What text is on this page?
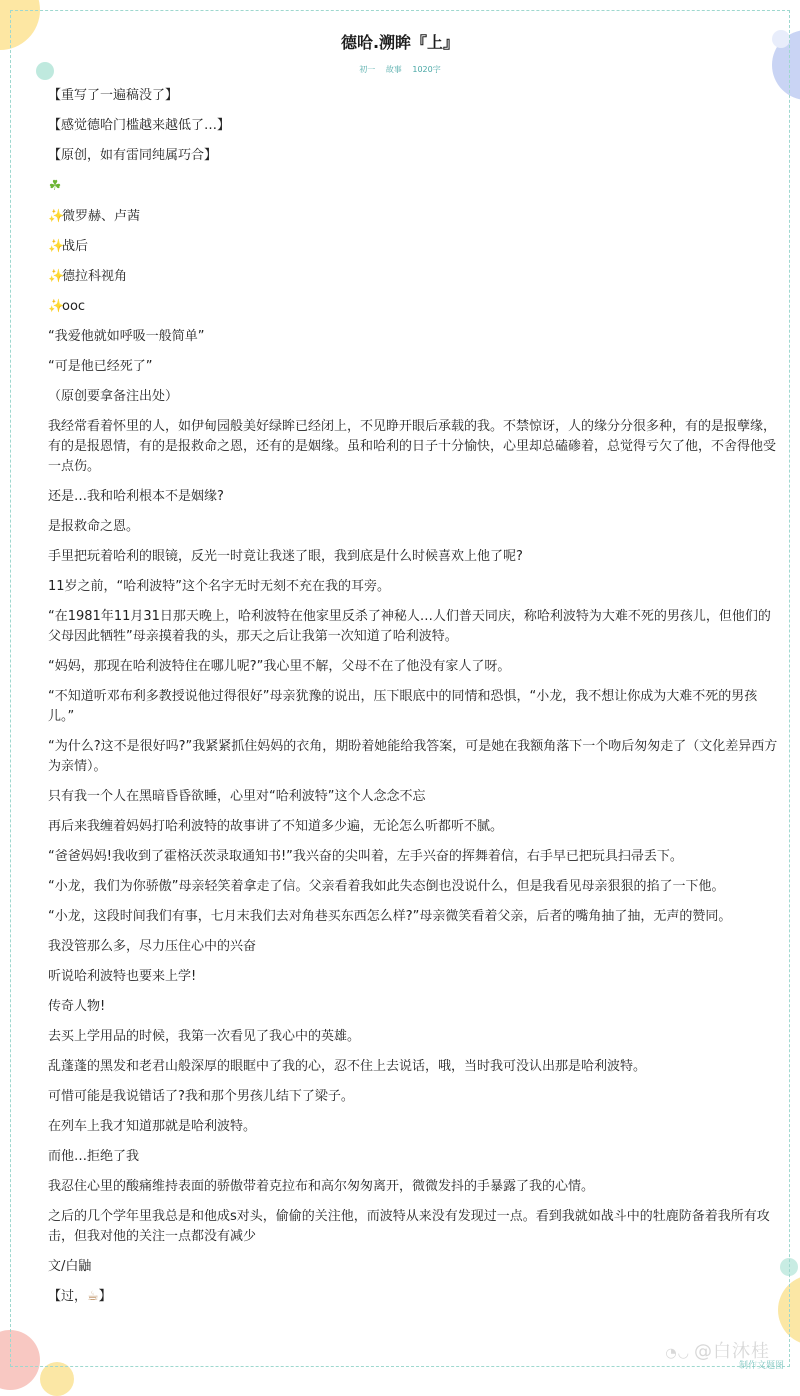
德哈.溯眸『上』
初一 故事 1020字

【重写了一遍稿没了】

【感觉德哈门槛越来越低了…】

【原创，如有雷同纯属巧合】

☘

✨微罗赫、卢茜

✨战后

✨德拉科视角

✨ooc

“我爱他就如呼吸一般简单”

“可是他已经死了”

（原创要拿备注出处）

我经常看着怀里的人，如伊甸园般美好绿眸已经闭上，不见睁开眼后承载的我。不禁惊讶，人的缘分分很多种，有的是报孽缘，有的是报恩情，有的是报救命之恩，还有的是姻缘。虽和哈利的日子十分愉快，心里却总磕碜着，总觉得亏欠了他，不舍得他受一点伤。

还是…我和哈利根本不是姻缘?

是报救命之恩。

手里把玩着哈利的眼镜，反光一时竟让我迷了眼，我到底是什么时候喜欢上他了呢?

11岁之前，“哈利波特”这个名字无时无刻不充在我的耳旁。

“在1981年11月31日那天晚上，哈利波特在他家里反杀了神秘人…人们普天同庆，称哈利波特为大难不死的男孩儿，但他们的父母因此牺牲”母亲摸着我的头，那天之后让我第一次知道了哈利波特。

“妈妈，那现在哈利波特住在哪儿呢?”我心里不解，父母不在了他没有家人了呀。

“不知道听邓布利多教授说他过得很好”母亲犹豫的说出，压下眼底中的同情和恐惧，“小龙，我不想让你成为大难不死的男孩儿。”

“为什么?这不是很好吗?”我紧紧抓住妈妈的衣角，期盼着她能给我答案，可是她在我额角落下一个吻后匆匆走了（文化差异西方为亲情）。

只有我一个人在黑暗昏昏欲睡，心里对“哈利波特”这个人念念不忘

再后来我缠着妈妈打哈利波特的故事讲了不知道多少遍，无论怎么听都听不腻。

“爸爸妈妈!我收到了霍格沃茨录取通知书!”我兴奋的尖叫着，左手兴奋的挥舞着信，右手早已把玩具扫帚丢下。

“小龙，我们为你骄傲”母亲轻笑着拿走了信。父亲看着我如此失态倒也没说什么，但是我看见母亲狠狠的掐了一下他。

“小龙，这段时间我们有事，七月末我们去对角巷买东西怎么样?”母亲微笑看着父亲，后者的嘴角抽了抽，无声的赞同。

我没管那么多，尽力压住心中的兴奋

听说哈利波特也要来上学!

传奇人物!

去买上学用品的时候，我第一次看见了我心中的英雄。

乱蓬蓬的黑发和老君山般深厚的眼眶中了我的心，忍不住上去说话，哦，当时我可没认出那是哈利波特。

可惜可能是我说错话了?我和那个男孩儿结下了梁子。

在列车上我才知道那就是哈利波特。

而他…拒绝了我

我忍住心里的酸痛维持表面的骄傲带着克拉布和高尔匆匆离开，微微发抖的手暴露了我的心情。

之后的几个学年里我总是和他成s对头，偷偷的关注他，而波特从来没有发现过一点。看到我就如战斗中的牡鹿防备着我所有攻击，但我对他的关注一点都没有减少

文/白鼬

【过，☕】

◔◡ @白沐桂
制作文题图
